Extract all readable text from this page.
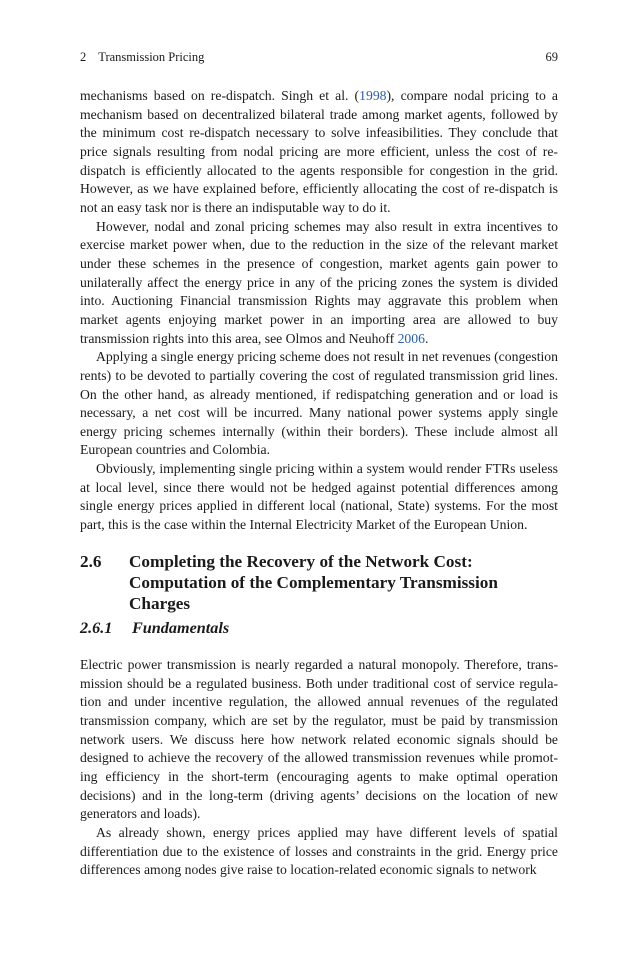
2 Transmission Pricing	69

mechanisms based on re-dispatch. Singh et al. (1998), compare nodal pricing to a mechanism based on decentralized bilateral trade among market agents, followed by the minimum cost re-dispatch necessary to solve infeasibilities. They conclude that price signals resulting from nodal pricing are more efficient, unless the cost of re-dispatch is efficiently allocated to the agents responsible for congestion in the grid. However, as we have explained before, efficiently allocating the cost of re-dispatch is not an easy task nor is there an indisputable way to do it.

However, nodal and zonal pricing schemes may also result in extra incentives to exercise market power when, due to the reduction in the size of the relevant market under these schemes in the presence of congestion, market agents gain power to unilaterally affect the energy price in any of the pricing zones the system is divided into. Auctioning Financial transmission Rights may aggravate this problem when market agents enjoying market power in an importing area are allowed to buy transmission rights into this area, see Olmos and Neuhoff 2006.

Applying a single energy pricing scheme does not result in net revenues (congestion rents) to be devoted to partially covering the cost of regulated transmission grid lines. On the other hand, as already mentioned, if redispatching generation and or load is necessary, a net cost will be incurred. Many national power systems apply single energy pricing schemes internally (within their borders). These include almost all European countries and Colombia.

Obviously, implementing single pricing within a system would render FTRs useless at local level, since there would not be hedged against potential differences among single energy prices applied in different local (national, State) systems. For the most part, this is the case within the Internal Electricity Market of the European Union.

2.6	Completing the Recovery of the Network Cost:
Computation of the Complementary Transmission Charges
2.6.1	Fundamentals

Electric power transmission is nearly regarded a natural monopoly. Therefore, transmission should be a regulated business. Both under traditional cost of service regulation and under incentive regulation, the allowed annual revenues of the regulated transmission company, which are set by the regulator, must be paid by transmission network users. We discuss here how network related economic signals should be designed to achieve the recovery of the allowed transmission revenues while promoting efficiency in the short-term (encouraging agents to make optimal operation decisions) and in the long-term (driving agents’ decisions on the location of new generators and loads).

As already shown, energy prices applied may have different levels of spatial differentiation due to the existence of losses and constraints in the grid. Energy price differences among nodes give raise to location-related economic signals to network
